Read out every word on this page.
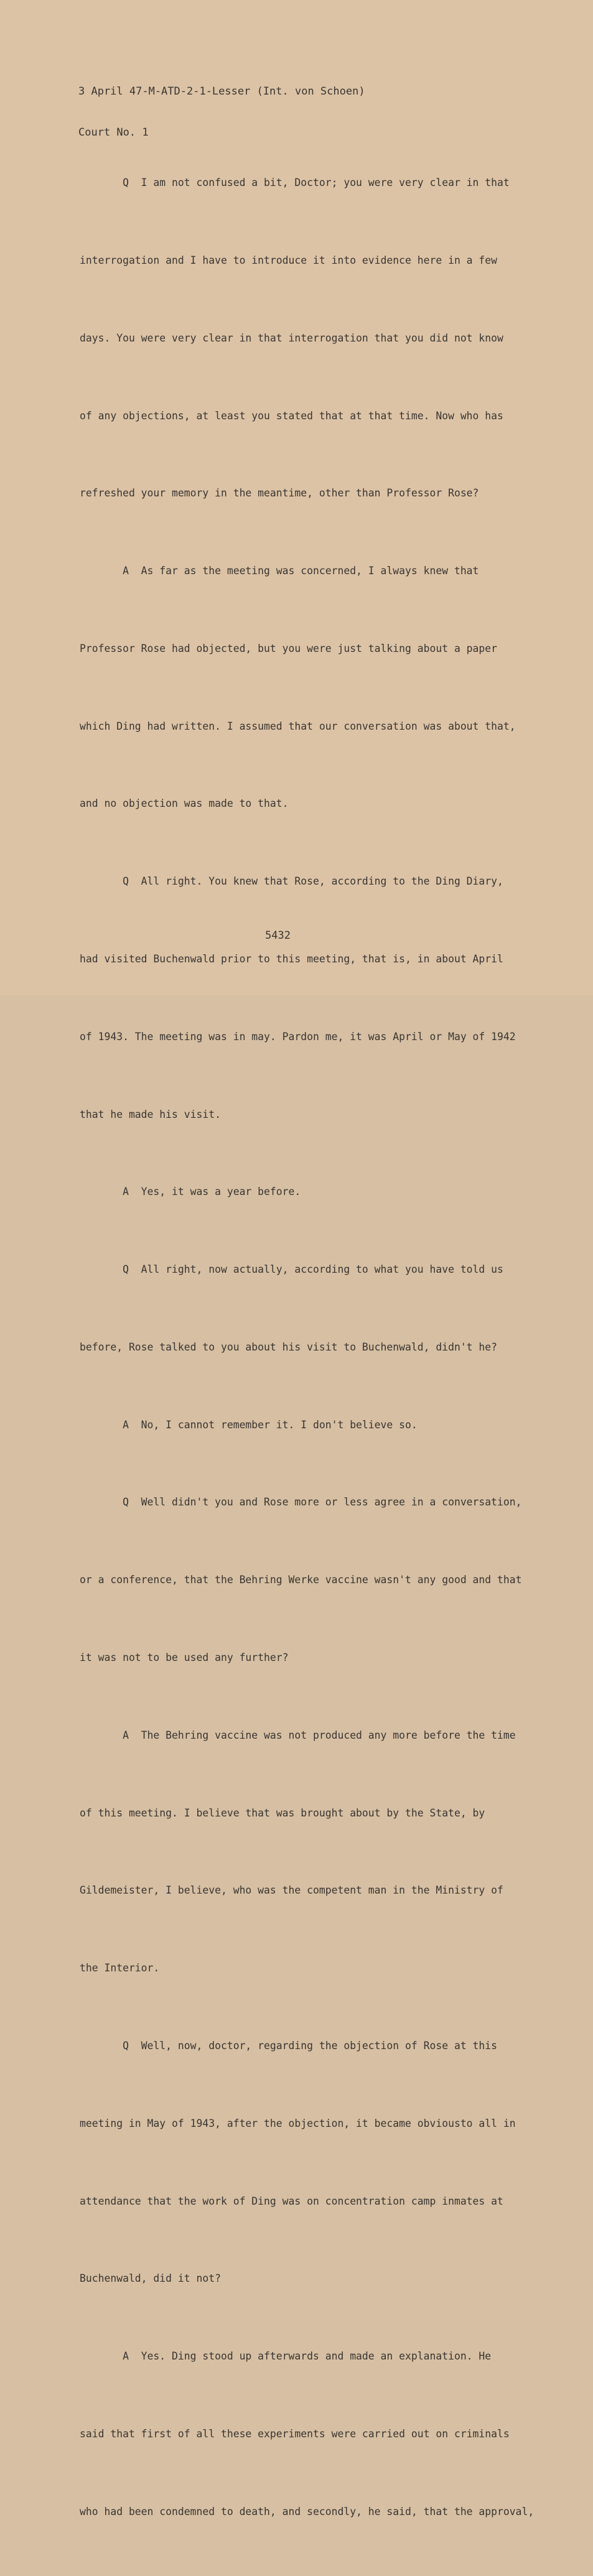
3 April 47-M-ATD-2-1-Lesser (Int. von Schoen)

Court No. 1

Q  I am not confused a bit, Doctor; you were very clear in that

interrogation and I have to introduce it into evidence here in a few

days. You were very clear in that interrogation that you did not know

of any objections, at least you stated that at that time. Now who has

refreshed your memory in the meantime, other than Professor Rose?

A  As far as the meeting was concerned, I always knew that

Professor Rose had objected, but you were just talking about a paper

which Ding had written. I assumed that our conversation was about that,

and no objection was made to that.

Q  All right. You knew that Rose, according to the Ding Diary,

had visited Buchenwald prior to this meeting, that is, in about April

of 1943. The meeting was in may. Pardon me, it was April or May of 1942

that he made his visit.

A  Yes, it was a year before.

Q  All right, now actually, according to what you have told us

before, Rose talked to you about his visit to Buchenwald, didn't he?

A  No, I cannot remember it. I don't believe so.

Q  Well didn't you and Rose more or less agree in a conversation,

or a conference, that the Behring Werke vaccine wasn't any good and that

it was not to be used any further?

A  The Behring vaccine was not produced any more before the time

of this meeting. I believe that was brought about by the State, by

Gildemeister, I believe, who was the competent man in the Ministry of

the Interior.

Q  Well, now, doctor, regarding the objection of Rose at this

meeting in May of 1943, after the objection, it became obviousto all in

attendance that the work of Ding was on concentration camp inmates at

Buchenwald, did it not?

A  Yes. Ding stood up afterwards and made an explanation. He

said that first of all these experiments were carried out on criminals

who had been condemned to death, and secondly, he said, that the approval,

5432
